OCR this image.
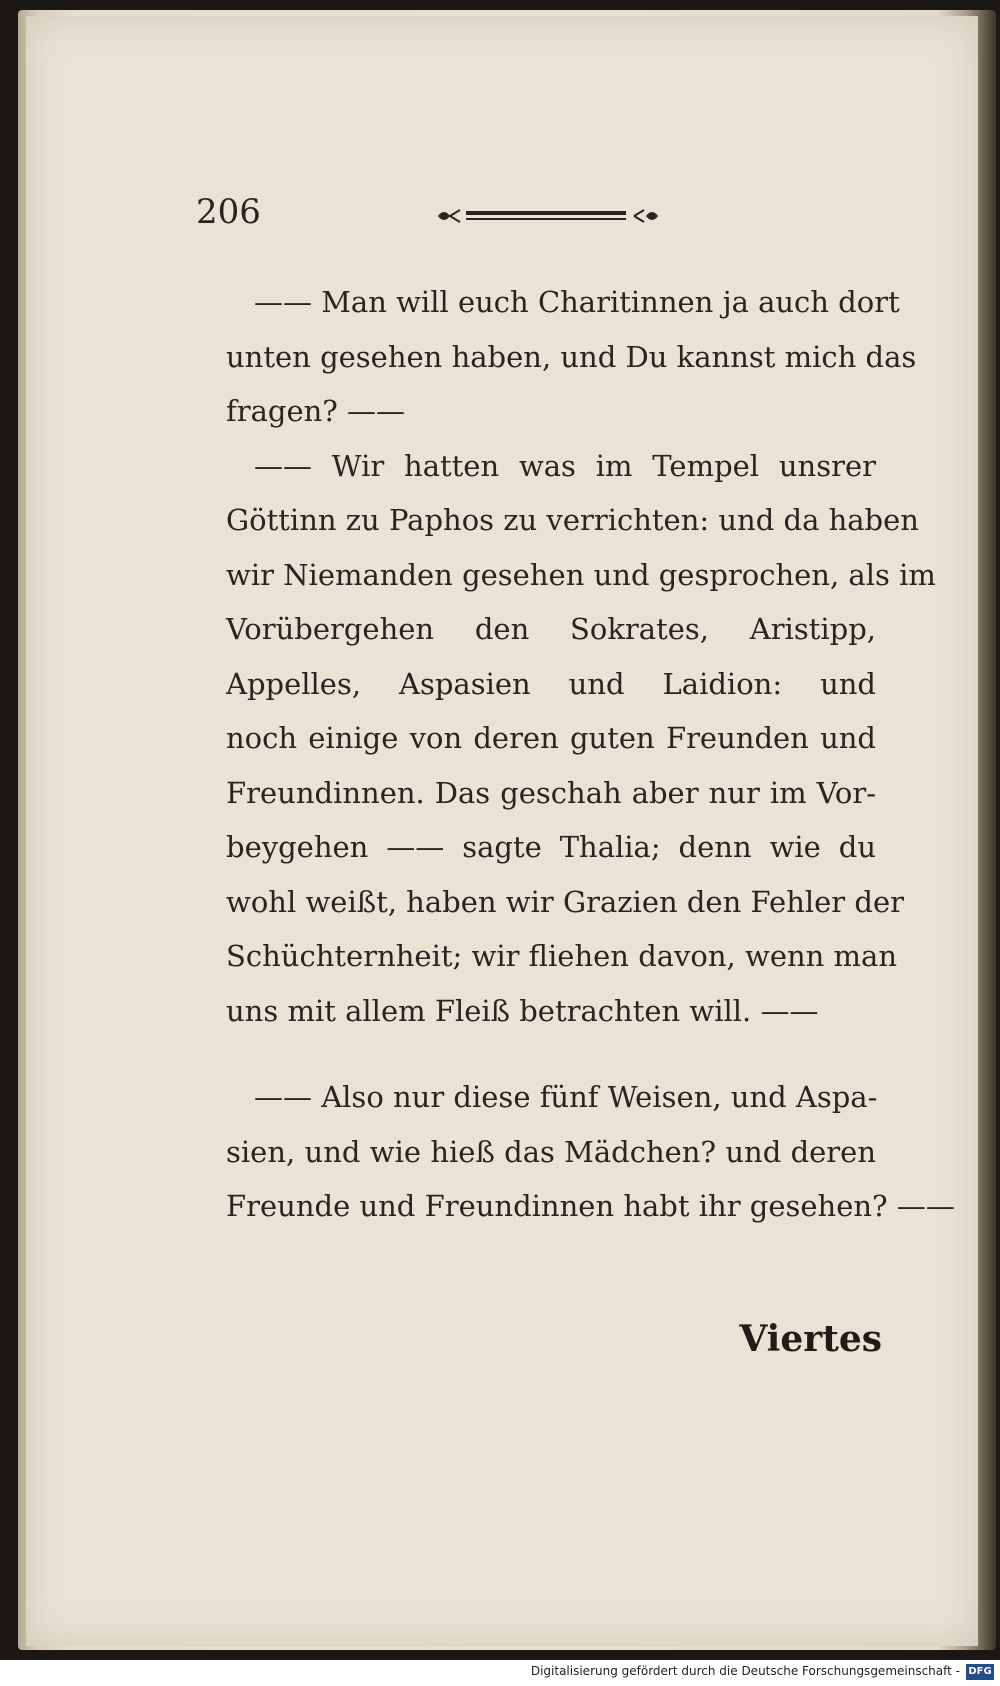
206
—— Man will euch Charitinnen ja auch dort
unten gesehen haben, und Du kannst mich das
fragen? ——
—— Wir hatten was im Tempel unsrer
Göttinn zu Paphos zu verrichten: und da haben
wir Niemanden gesehen und gesprochen, als im
Vorübergehen den Sokrates, Aristipp,
Appelles, Aspasien und Laidion: und
noch einige von deren guten Freunden und
Freundinnen. Das geschah aber nur im Vor-
beygehen —— sagte Thalia; denn wie du
wohl weißt, haben wir Grazien den Fehler der
Schüchternheit; wir fliehen davon, wenn man
uns mit allem Fleiß betrachten will. ——
—— Also nur diese fünf Weisen, und Aspa-
sien, und wie hieß das Mädchen? und deren
Freunde und Freundinnen habt ihr gesehen? ——
Viertes
Digitalisierung gefördert durch die Deutsche Forschungsgemeinschaft - DFG
